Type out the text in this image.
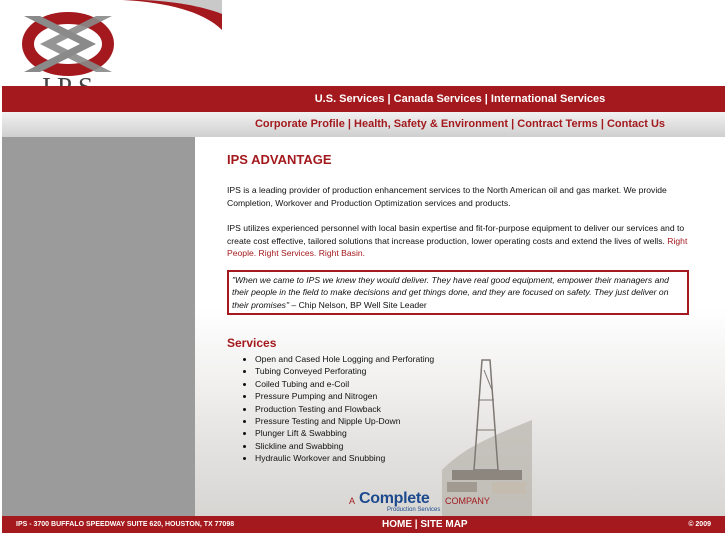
U.S. Services | Canada Services | International Services
Corporate Profile | Health, Safety & Environment | Contract Terms | Contact Us
IPS ADVANTAGE

IPS is a leading provider of production enhancement services to the North American oil and gas market. We provide Completion, Workover and Production Optimization services and products.

IPS utilizes experienced personnel with local basin expertise and fit-for-purpose equipment to deliver our services and to create cost effective, tailored solutions that increase production, lower operating costs and extend the lives of wells. Right People. Right Services. Right Basin.

"When we came to IPS we knew they would deliver. They have real good equipment, empower their managers and their people in the field to make decisions and get things done, and they are focused on safety. They just deliver on their promises" – Chip Nelson, BP Well Site Leader
Services
• Open and Cased Hole Logging and Perforating
• Tubing Conveyed Perforating
• Coiled Tubing and e-Coil
• Pressure Pumping and Nitrogen
• Production Testing and Flowback
• Pressure Testing and Nipple Up-Down
• Plunger Lift & Swabbing
• Slickline and Swabbing
• Hydraulic Workover and Snubbing
A Complete
Production Services
COMPANY
IPS - 3700 BUFFALO SPEEDWAY SUITE 620, HOUSTON, TX 77098	HOME | SITE MAP	© 2009
